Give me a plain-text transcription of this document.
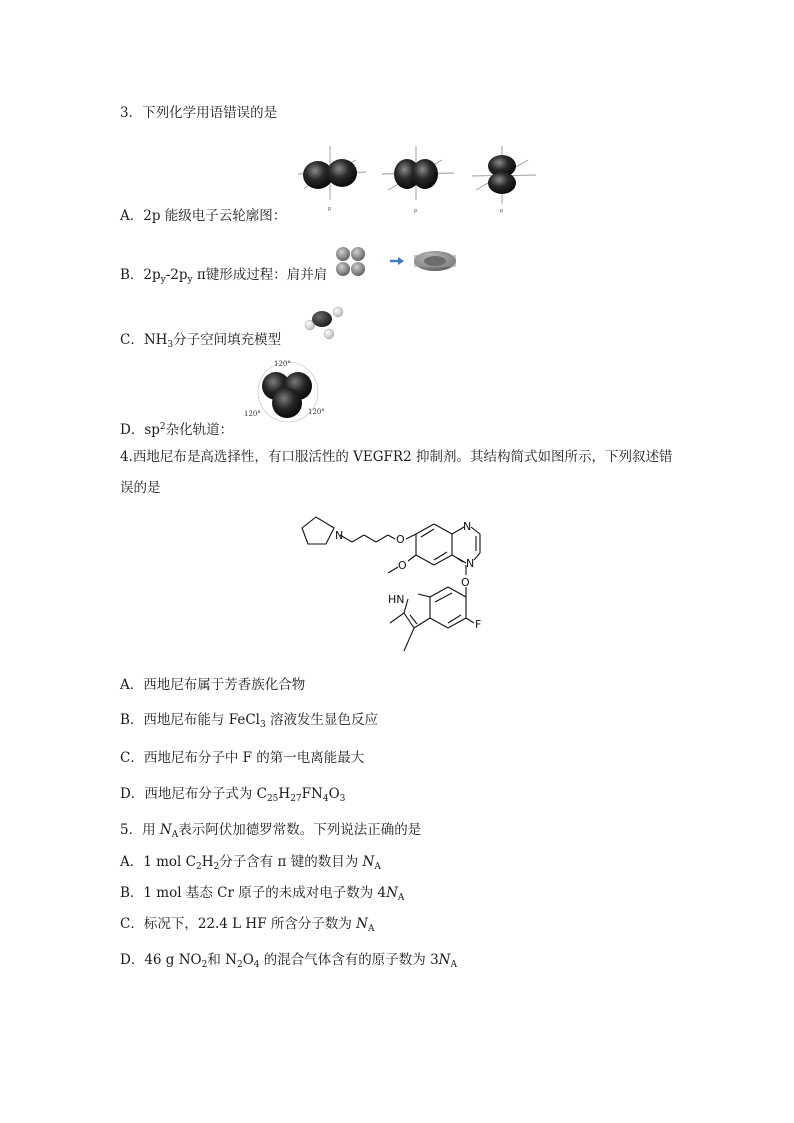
3．下列化学用语错误的是
p	p	p
A．2p 能级电子云轮廓图：
B．$2p_y-2p_y$ π键形成过程：肩并肩
C．$NH_3$分子空间填充模型
D．$sp^2$杂化轨道：
120°
120°	120°
4.西地尼布是高选择性，有口服活性的 VEGFR2 抑制剂。其结构简式如图所示，下列叙述错
误的是
N	O
N
N
O
O
HN
F
A．西地尼布属于芳香族化合物
B．西地尼布能与 FeCl$_3$ 溶液发生显色反应
C．西地尼布分子中 F 的第一电离能最大
D．西地尼布分子式为 $C_{25}H_{27}FN_4O_3$
5．用 $N_A$表示阿伏加德罗常数。下列说法正确的是
A．1 mol $C_2H_2$分子含有 π 键的数目为 $N_A$
B．1 mol 基态 Cr 原子的未成对电子数为 $4N_A$
C．标况下，22.4 L HF 所含分子数为 $N_A$
D．46 g $NO_2$和 $N_2O_4$ 的混合气体含有的原子数为 $3N_A$
